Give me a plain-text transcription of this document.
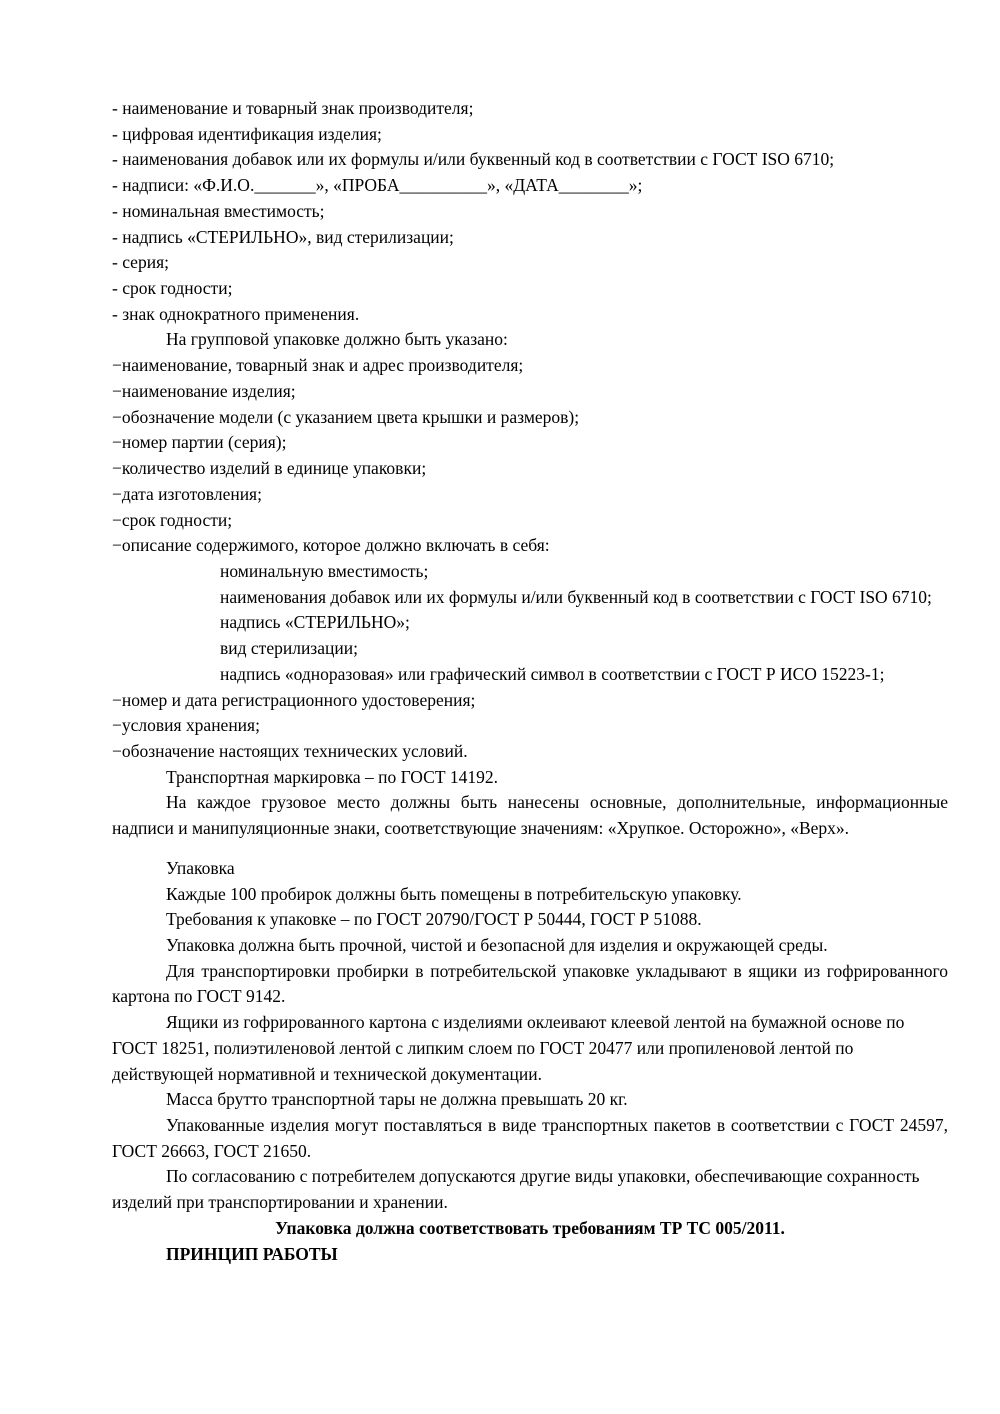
- наименование и товарный знак производителя;

- цифровая идентификация изделия;

- наименования добавок или их формулы и/или буквенный код в соответствии с ГОСТ ISO 6710;

- надписи: «Ф.И.О._______», «ПРОБА__________», «ДАТА________»;

- номинальная вместимость;

- надпись «СТЕРИЛЬНО», вид стерилизации;

- серия;

- срок годности;

- знак однократного применения.

На групповой упаковке должно быть указано:

−наименование, товарный знак и адрес производителя;

−наименование изделия;

−обозначение модели (с указанием цвета крышки и размеров);

−номер партии (серия);

−количество изделий в единице упаковки;

−дата изготовления;

−срок годности;

−описание содержимого, которое должно включать в себя:

номинальную вместимость;

наименования добавок или их формулы и/или буквенный код в соответствии с ГОСТ ISO 6710;

надпись «СТЕРИЛЬНО»;

вид стерилизации;

надпись «одноразовая» или графический символ в соответствии с ГОСТ Р ИСО 15223-1;

−номер и дата регистрационного удостоверения;

−условия хранения;

−обозначение настоящих технических условий.

Транспортная маркировка – по ГОСТ 14192.

На каждое грузовое место должны быть нанесены основные, дополнительные, информационные надписи и манипуляционные знаки, соответствующие значениям: «Хрупкое. Осторожно», «Верх».

Упаковка

Каждые 100 пробирок должны быть помещены в потребительскую упаковку.

Требования к упаковке – по ГОСТ 20790/ГОСТ Р 50444, ГОСТ Р 51088.

Упаковка должна быть прочной, чистой и безопасной для изделия и окружающей среды.

Для транспортировки пробирки в потребительской упаковке укладывают в ящики из гофрированного картона по ГОСТ 9142.

Ящики из гофрированного картона с изделиями оклеивают клеевой лентой на бумажной основе по ГОСТ 18251, полиэтиленовой лентой с липким слоем по ГОСТ 20477 или пропиленовой лентой по действующей нормативной и технической документации.

Масса брутто транспортной тары не должна превышать 20 кг.

Упакованные изделия могут поставляться в виде транспортных пакетов в соответствии с ГОСТ 24597, ГОСТ 26663, ГОСТ 21650.

По согласованию с потребителем допускаются другие виды упаковки, обеспечивающие сохранность изделий при транспортировании и хранении.

Упаковка должна соответствовать требованиям ТР ТС 005/2011.

ПРИНЦИП РАБОТЫ
